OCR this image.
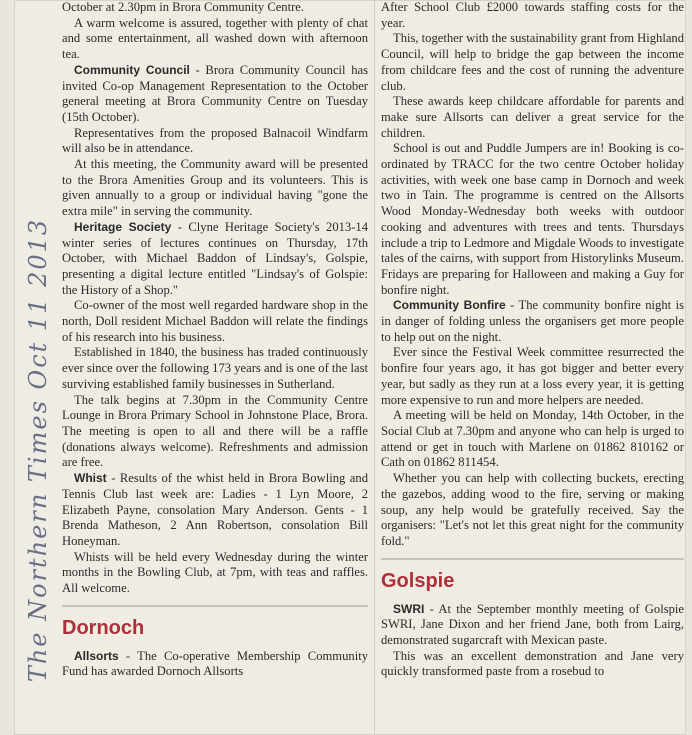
The Northern Times Oct 11 2013

October at 2.30pm in Brora Community Centre.

A warm welcome is assured, together with plenty of chat and some entertainment, all washed down with afternoon tea.

Community Council - Brora Community Council has invited Co-op Management Representation to the October general meeting at Brora Community Centre on Tuesday (15th October).

Representatives from the proposed Balnacoil Windfarm will also be in attendance.

At this meeting, the Community award will be presented to the Brora Amenities Group and its volunteers. This is given annually to a group or individual having "gone the extra mile" in serving the community.

Heritage Society - Clyne Heritage Society's 2013-14 winter series of lectures continues on Thursday, 17th October, with Michael Baddon of Lindsay's, Golspie, presenting a digital lecture entitled "Lindsay's of Golspie: the History of a Shop."

Co-owner of the most well regarded hardware shop in the north, Doll resident Michael Baddon will relate the findings of his research into his business.

Established in 1840, the business has traded continuously ever since over the following 173 years and is one of the last surviving established family businesses in Sutherland.

The talk begins at 7.30pm in the Community Centre Lounge in Brora Primary School in Johnstone Place, Brora. The meeting is open to all and there will be a raffle (donations always welcome). Refreshments and admission are free.

Whist - Results of the whist held in Brora Bowling and Tennis Club last week are: Ladies - 1 Lyn Moore, 2 Elizabeth Payne, consolation Mary Anderson. Gents - 1 Brenda Matheson, 2 Ann Robertson, consolation Bill Honeyman.

Whists will be held every Wednesday during the winter months in the Bowling Club, at 7pm, with teas and raffles. All welcome.

Dornoch

Allsorts - The Co-operative Membership Community Fund has awarded Dornoch Allsorts

After School Club £2000 towards staffing costs for the year.

This, together with the sustainability grant from Highland Council, will help to bridge the gap between the income from childcare fees and the cost of running the adventure club.

These awards keep childcare affordable for parents and make sure Allsorts can deliver a great service for the children.

School is out and Puddle Jumpers are in! Booking is co-ordinated by TRACC for the two centre October holiday activities, with week one base camp in Dornoch and week two in Tain. The programme is centred on the Allsorts Wood Monday-Wednesday both weeks with outdoor cooking and adventures with trees and tents. Thursdays include a trip to Ledmore and Migdale Woods to investigate tales of the cairns, with support from Historylinks Museum. Fridays are preparing for Halloween and making a Guy for bonfire night.

Community Bonfire - The community bonfire night is in danger of folding unless the organisers get more people to help out on the night.

Ever since the Festival Week committee resurrected the bonfire four years ago, it has got bigger and better every year, but sadly as they run at a loss every year, it is getting more expensive to run and more helpers are needed.

A meeting will be held on Monday, 14th October, in the Social Club at 7.30pm and anyone who can help is urged to attend or get in touch with Marlene on 01862 810162 or Cath on 01862 811454.

Whether you can help with collecting buckets, erecting the gazebos, adding wood to the fire, serving or making soup, any help would be gratefully received. Say the organisers: "Let's not let this great night for the community fold."

Golspie

SWRI - At the September monthly meeting of Golspie SWRI, Jane Dixon and her friend Jane, both from Lairg, demonstrated sugarcraft with Mexican paste.

This was an excellent demonstration and Jane very quickly transformed paste from a rosebud to
